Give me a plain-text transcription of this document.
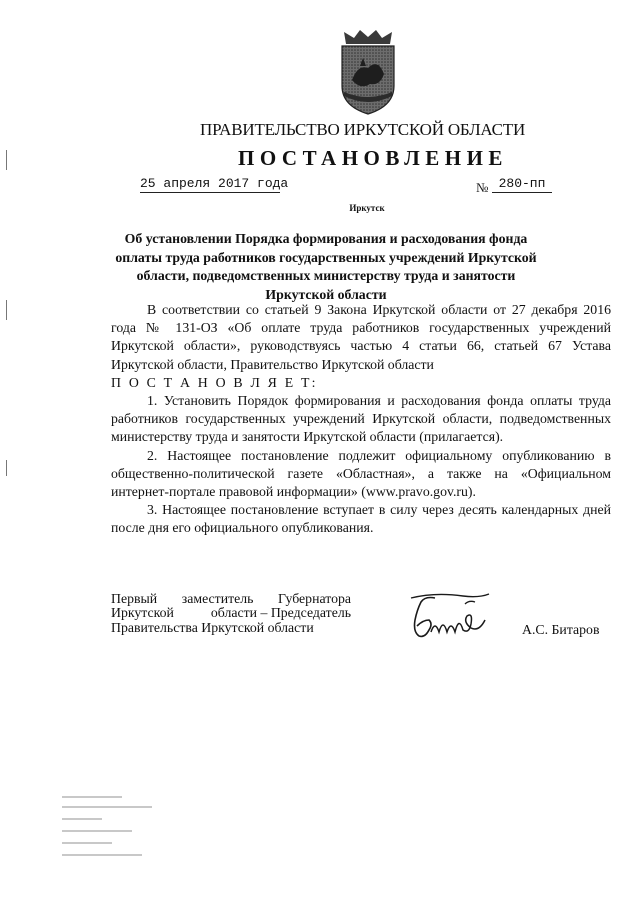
ПРАВИТЕЛЬСТВО ИРКУТСКОЙ ОБЛАСТИ
ПОСТАНОВЛЕНИЕ
25 апреля 2017 года	№ 280-пп
Иркутск
Об установлении Порядка формирования и расходования фонда оплаты труда работников государственных учреждений Иркутской области, подведомственных министерству труда и занятости Иркутской области

В соответствии со статьей 9 Закона Иркутской области от 27 декабря 2016 года № 131-ОЗ «Об оплате труда работников государственных учреждений Иркутской области», руководствуясь частью 4 статьи 66, статьей 67 Устава Иркутской области, Правительство Иркутской области

П О С Т А Н О В Л Я Е Т:

1. Установить Порядок формирования и расходования фонда оплаты труда работников государственных учреждений Иркутской области, подведомственных министерству труда и занятости Иркутской области (прилагается).

2. Настоящее постановление подлежит официальному опубликованию в общественно-политической газете «Областная», а также на «Официальном интернет-портале правовой информации» (www.pravo.gov.ru).

3. Настоящее постановление вступает в силу через десять календарных дней после дня его официального опубликования.

Первый заместитель Губернатора
Иркутской	области – Председатель
Правительства Иркутской области	А.С. Битаров
